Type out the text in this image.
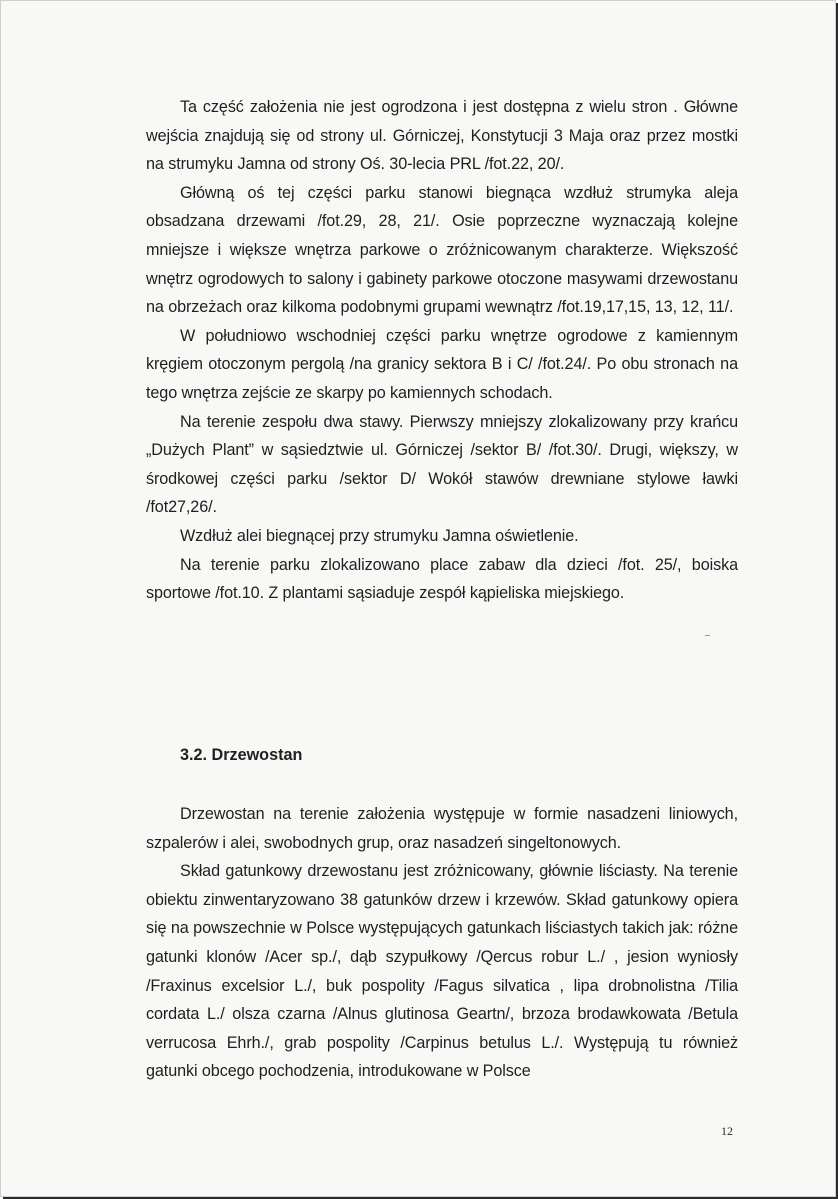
Ta część założenia nie jest ogrodzona i jest dostępna z wielu stron . Główne wejścia znajdują się od strony ul. Górniczej, Konstytucji 3 Maja oraz przez mostki na strumyku Jamna od strony Oś. 30-lecia PRL /fot.22, 20/.

Główną oś tej części parku stanowi biegnąca wzdłuż strumyka aleja obsadzana drzewami /fot.29, 28, 21/. Osie poprzeczne wyznaczają kolejne mniejsze i większe wnętrza parkowe o zróżnicowanym charakterze. Większość wnętrz ogrodowych to salony i gabinety parkowe otoczone masywami drzewostanu na obrzeżach oraz kilkoma podobnymi grupami wewnątrz /fot.19,17,15, 13, 12, 11/.

W południowo wschodniej części parku wnętrze ogrodowe z kamiennym kręgiem otoczonym pergolą /na granicy sektora B i C/ /fot.24/. Po obu stronach na tego wnętrza zejście ze skarpy po kamiennych schodach.

Na terenie zespołu dwa stawy. Pierwszy mniejszy zlokalizowany przy krańcu „Dużych Plant” w sąsiedztwie ul. Górniczej /sektor B/ /fot.30/. Drugi, większy, w środkowej części parku /sektor D/ Wokół stawów drewniane stylowe ławki /fot27,26/.

Wzdłuż alei biegnącej przy strumyku Jamna oświetlenie.

Na terenie parku zlokalizowano place zabaw dla dzieci /fot. 25/, boiska sportowe /fot.10. Z plantami sąsiaduje zespół kąpieliska miejskiego.

3.2. Drzewostan

Drzewostan na terenie założenia występuje w formie nasadzeni liniowych, szpalerów i alei, swobodnych grup, oraz nasadzeń singeltonowych.

Skład gatunkowy drzewostanu jest zróżnicowany, głównie liściasty. Na terenie obiektu zinwentaryzowano 38 gatunków drzew i krzewów. Skład gatunkowy opiera się na powszechnie w Polsce występujących gatunkach liściastych takich jak: różne gatunki klonów /Acer sp./, dąb szypułkowy /Qercus robur L./ , jesion wyniosły /Fraxinus excelsior L./, buk pospolity /Fagus silvatica , lipa drobnolistna /Tilia cordata L./ olsza czarna /Alnus glutinosa Geartn/, brzoza brodawkowata /Betula verrucosa Ehrh./, grab pospolity /Carpinus betulus L./. Występują tu również gatunki obcego pochodzenia, introdukowane w Polsce

12
